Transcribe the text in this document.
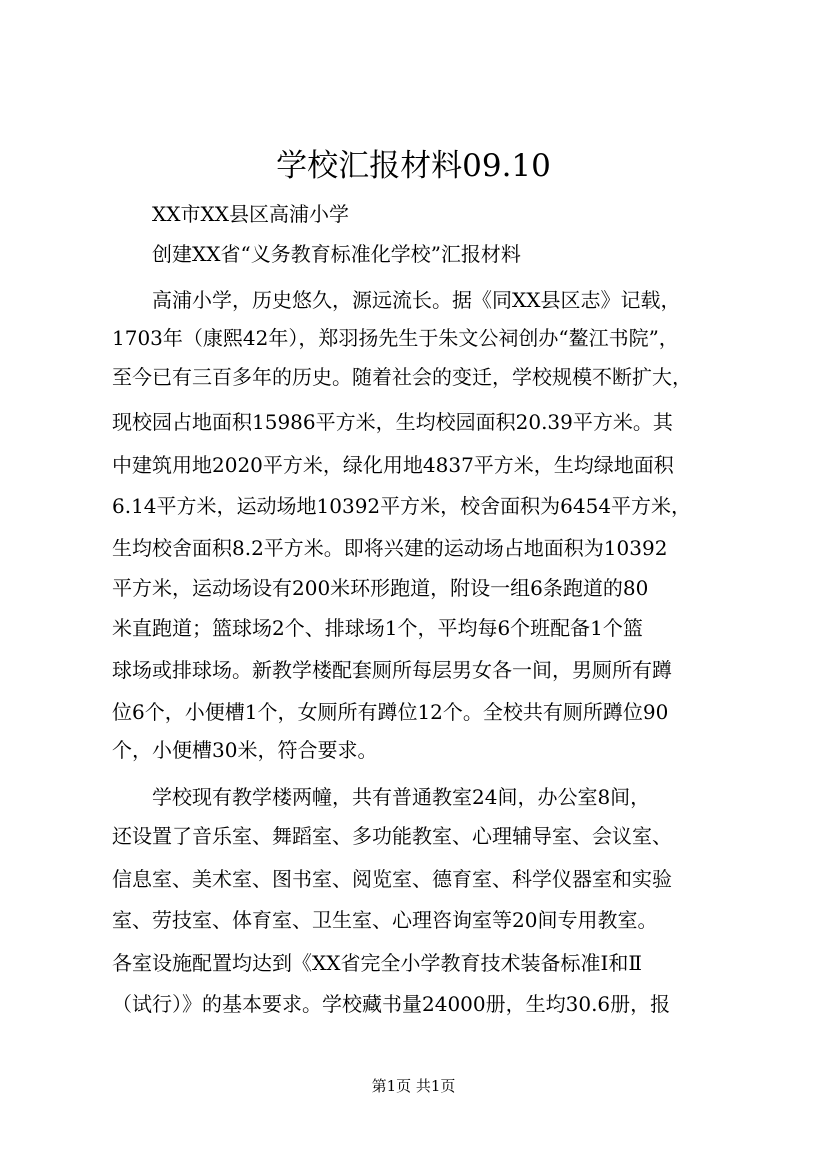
学校汇报材料09.10
XX市XX县区高浦小学
创建XX省“义务教育标准化学校”汇报材料
高浦小学，历史悠久，源远流长。据《同XX县区志》记载，
1703年（康熙42年），郑羽扬先生于朱文公祠创办“鳌江书院”，
至今已有三百多年的历史。随着社会的变迁，学校规模不断扩大，
现校园占地面积15986平方米，生均校园面积20.39平方米。其
中建筑用地2020平方米，绿化用地4837平方米，生均绿地面积
6.14平方米，运动场地10392平方米，校舍面积为6454平方米，
生均校舍面积8.2平方米。即将兴建的运动场占地面积为10392
平方米，运动场设有200米环形跑道，附设一组6条跑道的80
米直跑道；篮球场2个、排球场1个，平均每6个班配备1个篮
球场或排球场。新教学楼配套厕所每层男女各一间，男厕所有蹲
位6个，小便槽1个，女厕所有蹲位12个。全校共有厕所蹲位90
个，小便槽30米，符合要求。
学校现有教学楼两幢，共有普通教室24间，办公室8间，
还设置了音乐室、舞蹈室、多功能教室、心理辅导室、会议室、
信息室、美术室、图书室、阅览室、德育室、科学仪器室和实验
室、劳技室、体育室、卫生室、心理咨询室等20间专用教室。
各室设施配置均达到《XX省完全小学教育技术装备标准Ⅰ和Ⅱ
（试行）》的基本要求。学校藏书量24000册，生均30.6册，报
第1页 共1页
